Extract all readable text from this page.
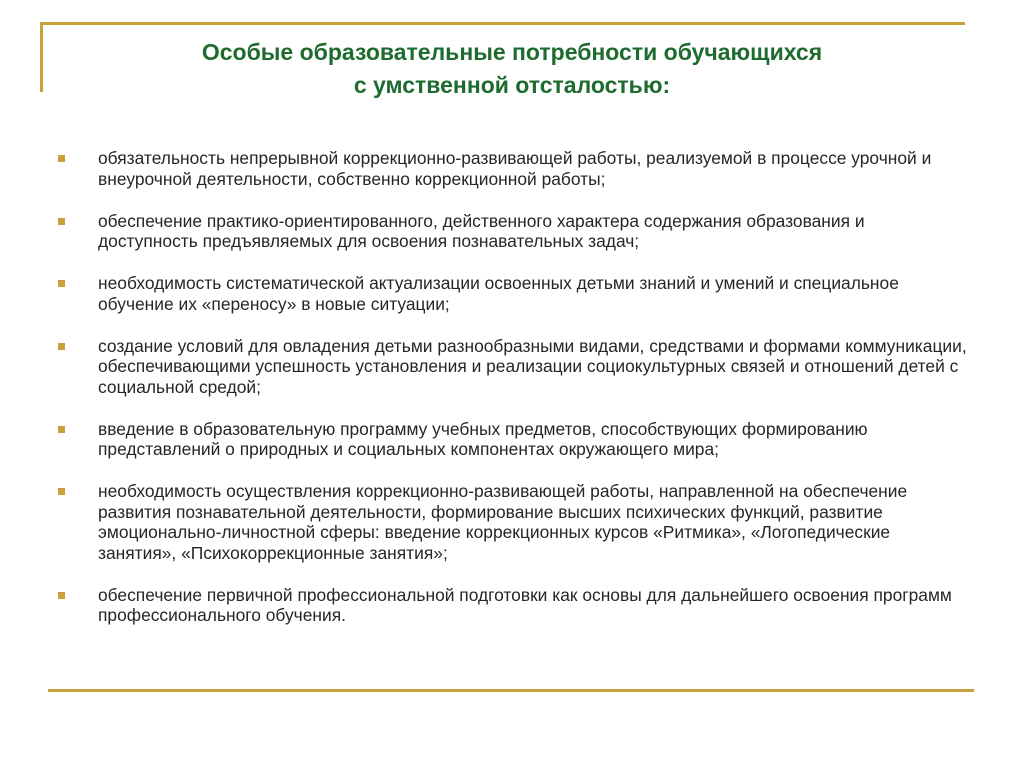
Особые образовательные потребности обучающихся
с умственной отсталостью:
обязательность непрерывной коррекционно-развивающей работы, реализуемой в процессе урочной и внеурочной деятельности, собственно коррекционной работы;
обеспечение практико-ориентированного, действенного характера содержания образования и доступность предъявляемых для освоения познавательных задач;
необходимость систематической актуализации освоенных детьми знаний и умений и специальное обучение их «переносу» в новые ситуации;
создание условий для овладения детьми разнообразными видами, средствами и формами коммуникации, обеспечивающими успешность установления и реализации социокультурных связей и отношений детей с социальной средой;
введение в образовательную программу учебных предметов, способствующих формированию представлений о природных и социальных компонентах окружающего мира;
необходимость осуществления коррекционно-развивающей работы, направленной на обеспечение развития познавательной деятельности, формирование высших психических функций, развитие эмоционально-личностной сферы: введение коррекционных курсов «Ритмика», «Логопедические занятия», «Психокоррекционные занятия»;
обеспечение первичной профессиональной подготовки как основы для дальнейшего освоения программ профессионального обучения.
